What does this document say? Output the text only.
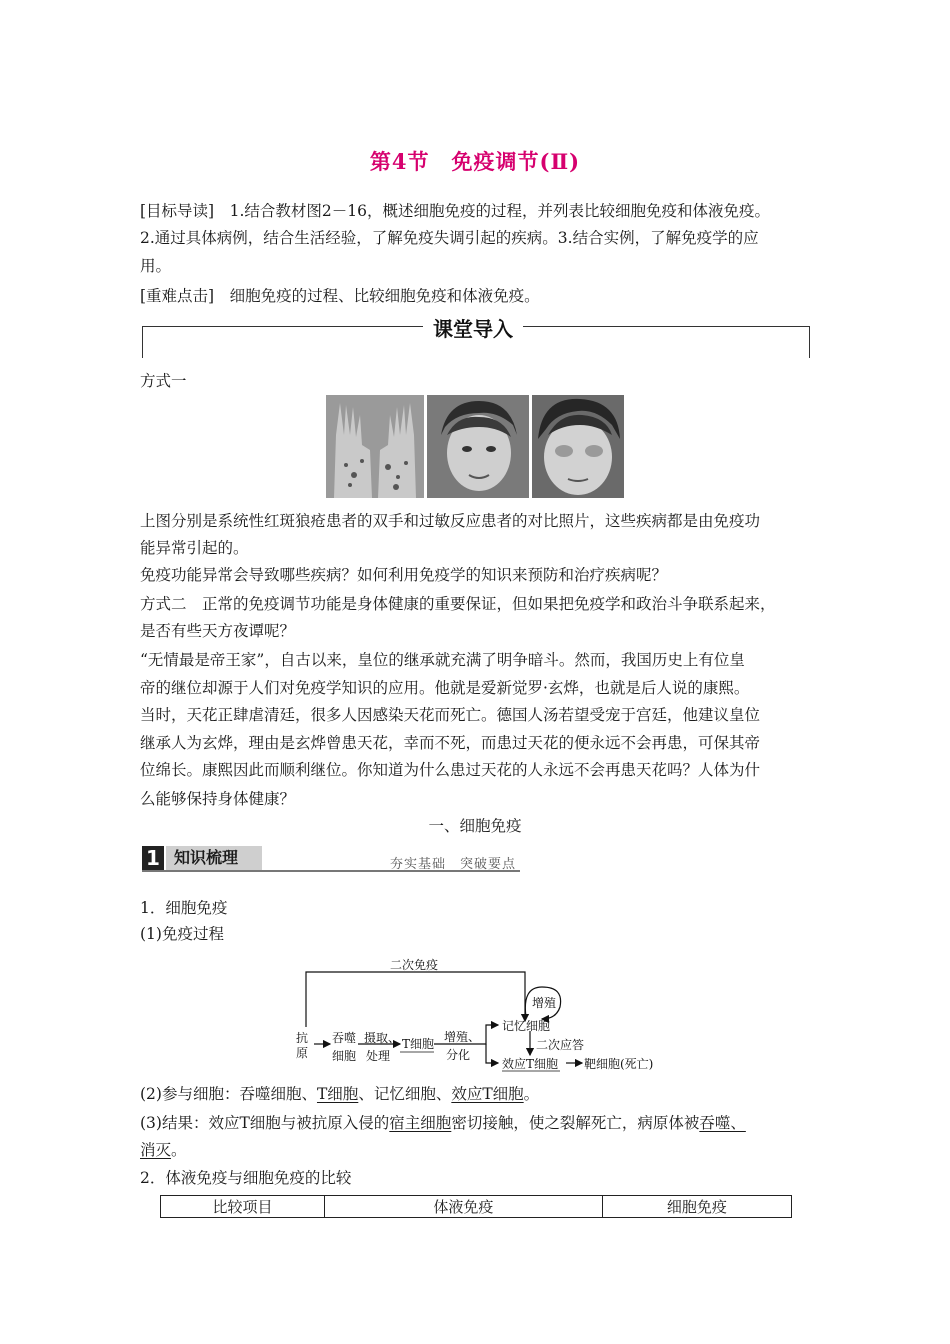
第4节　免疫调节(Ⅱ)
[目标导读]　1.结合教材图2－16，概述细胞免疫的过程，并列表比较细胞免疫和体液免疫。
2.通过具体病例，结合生活经验，了解免疫失调引起的疾病。3.结合实例，了解免疫学的应
用。
[重难点击]　细胞免疫的过程、比较细胞免疫和体液免疫。
课堂导入
方式一
上图分别是系统性红斑狼疮患者的双手和过敏反应患者的对比照片，这些疾病都是由免疫功
能异常引起的。
免疫功能异常会导致哪些疾病？如何利用免疫学的知识来预防和治疗疾病呢？
方式二　正常的免疫调节功能是身体健康的重要保证，但如果把免疫学和政治斗争联系起来，
是否有些天方夜谭呢？
“无情最是帝王家”，自古以来，皇位的继承就充满了明争暗斗。然而，我国历史上有位皇
帝的继位却源于人们对免疫学知识的应用。他就是爱新觉罗·玄烨，也就是后人说的康熙。
当时，天花正肆虐清廷，很多人因感染天花而死亡。德国人汤若望受宠于宫廷，他建议皇位
继承人为玄烨，理由是玄烨曾患天花，幸而不死，而患过天花的便永远不会再患，可保其帝
位绵长。康熙因此而顺利继位。你知道为什么患过天花的人永远不会再患天花吗？人体为什
么能够保持身体健康？
一、细胞免疫
1 知识梳理	夯实基础　突破要点
1．细胞免疫
(1)免疫过程
二次免疫
抗
原
吞噬
细胞
摄取、
处理
T细胞 增殖、
分化
记忆细胞
增殖
二次应答
效应T细胞 靶细胞(死亡)
(2)参与细胞：吞噬细胞、T细胞、记忆细胞、效应T细胞。
(3)结果：效应T细胞与被抗原入侵的宿主细胞密切接触，使之裂解死亡，病原体被吞噬、
消灭。
2．体液免疫与细胞免疫的比较
比较项目	体液免疫	细胞免疫
